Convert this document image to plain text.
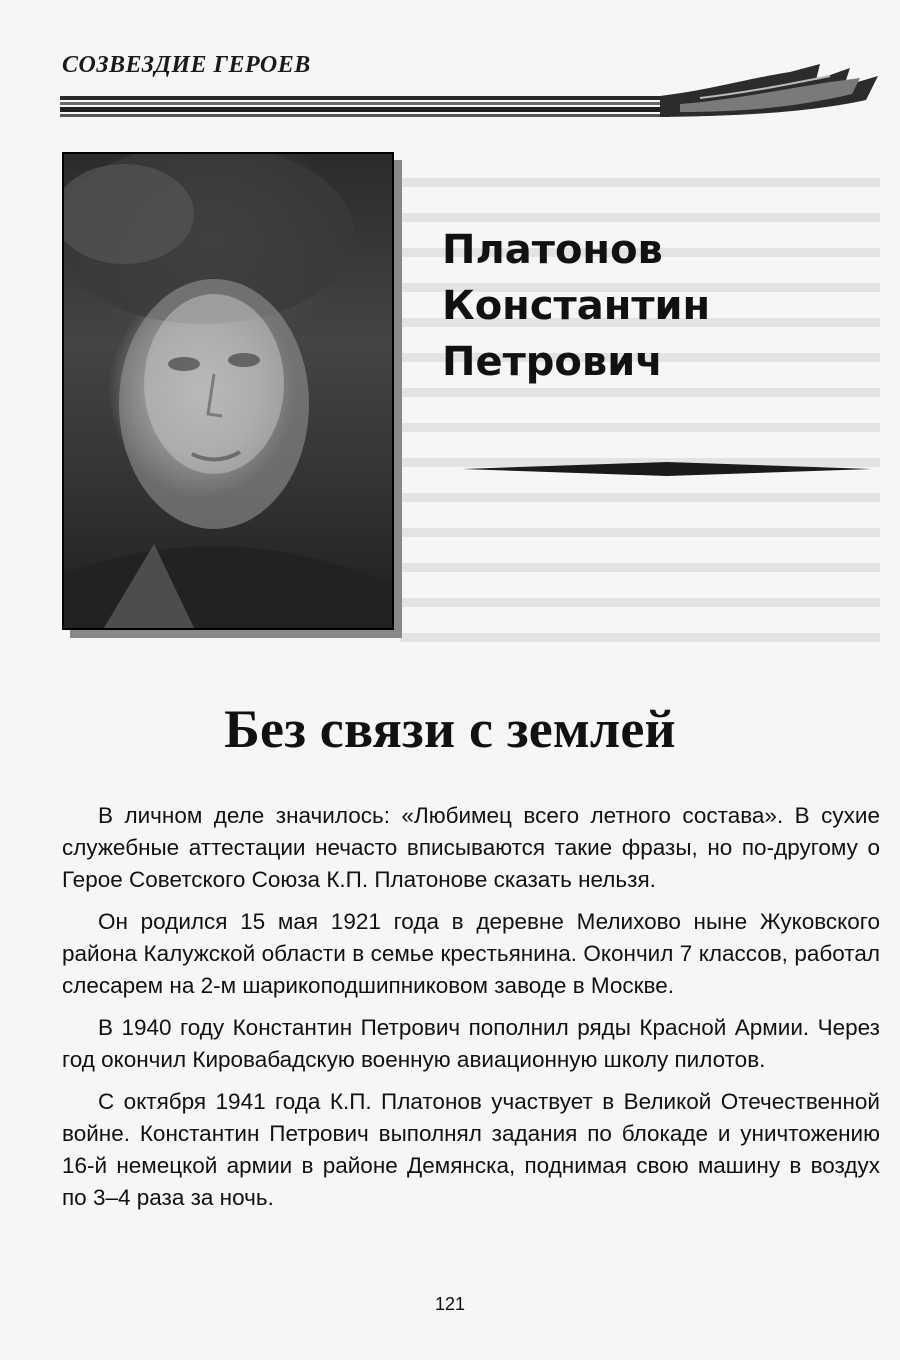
СОЗВЕЗДИЕ ГЕРОЕВ
Платонов
Константин
Петрович
Без связи с землей

В личном деле значилось: «Любимец всего летного состава». В сухие служебные аттестации нечасто вписываются такие фразы, но по-другому о Герое Советского Союза К.П. Платонове сказать нельзя.

Он родился 15 мая 1921 года в деревне Мелихово ныне Жуковского района Калужской области в семье крестьянина. Окончил 7 классов, работал слесарем на 2-м шарикоподшипниковом заводе в Москве.

В 1940 году Константин Петрович пополнил ряды Красной Армии. Через год окончил Кировабадскую военную авиационную школу пилотов.

С октября 1941 года К.П. Платонов участвует в Великой Отечественной войне. Константин Петрович выполнял задания по блокаде и уничтожению 16-й немецкой армии в районе Демянска, поднимая свою машину в воздух по 3–4 раза за ночь.

121
